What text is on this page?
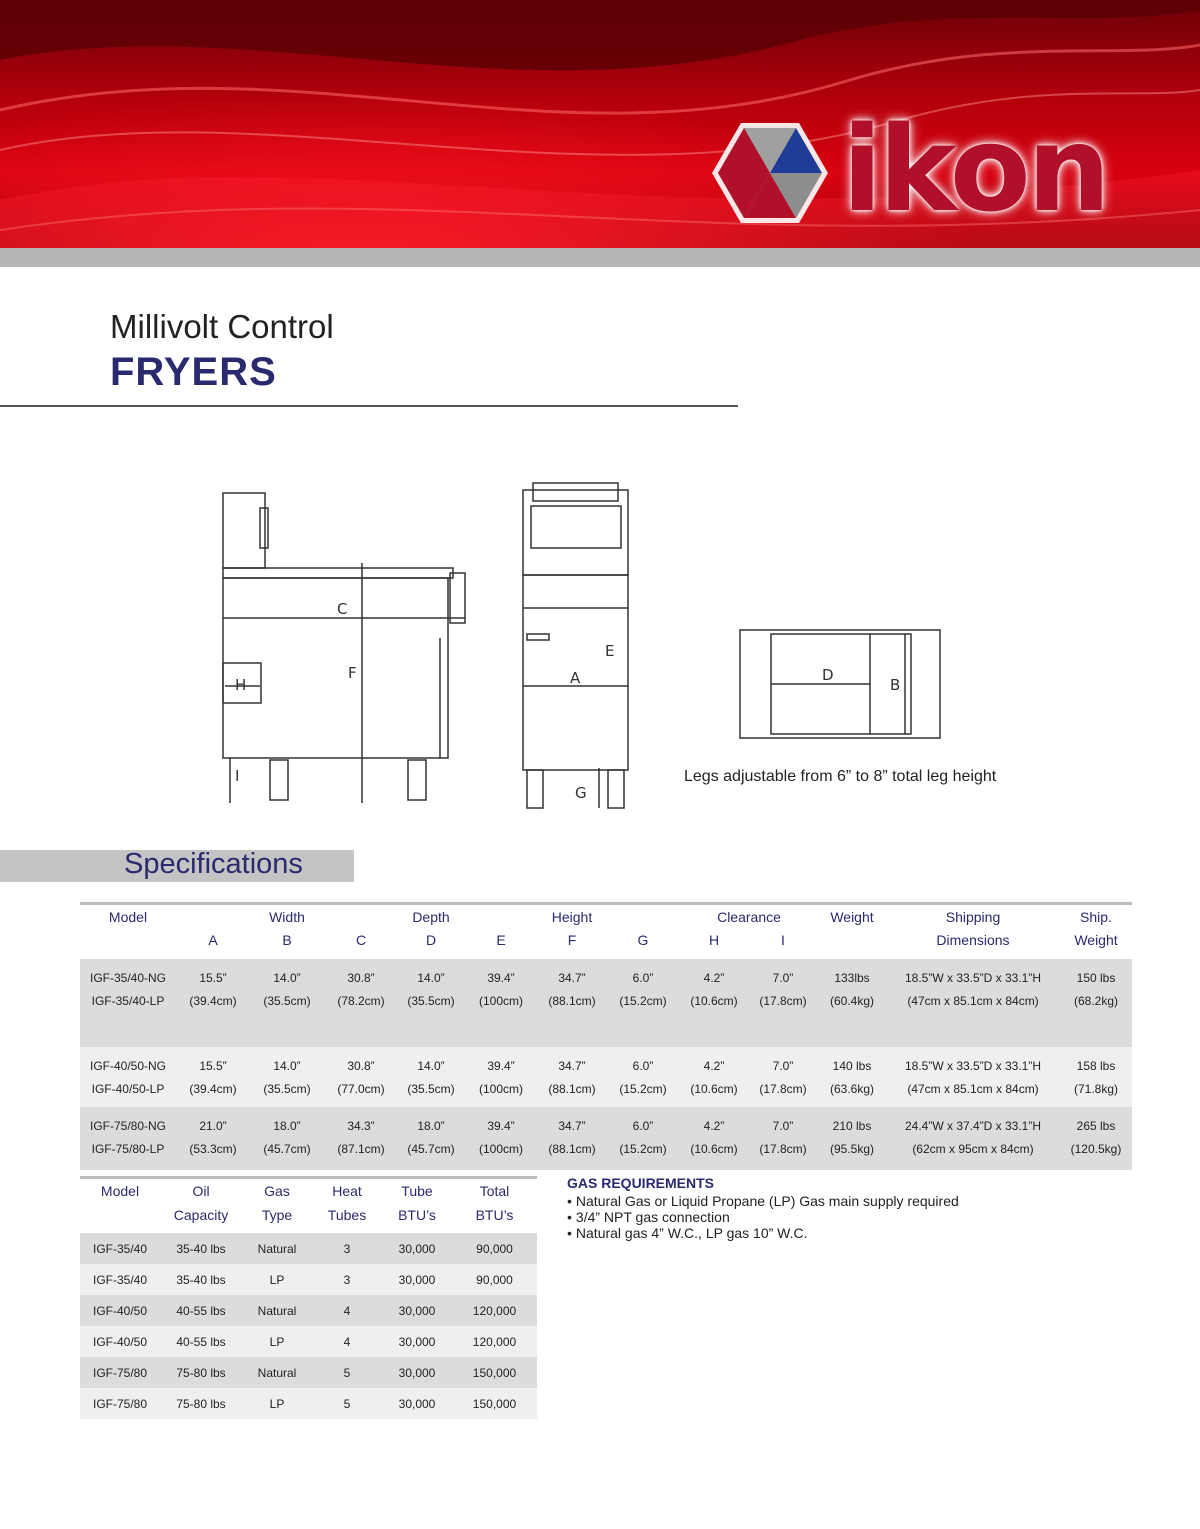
ikon
Millivolt Control
FRYERS
C
F
H
I
E
A
G
D
B
Legs adjustable from 6” to 8” total leg height
Specifications
Model		Width		Depth		Height		Clearance		Weight	Shipping	Ship.
	A	B	C	D	E	F	G	H	I		Dimensions	Weight

IGF-35/40-NG	15.5”	14.0”	30.8”	14.0”	39.4”	34.7”	6.0”	4.2”	7.0”	133lbs	18.5”W x 33.5”D x 33.1”H	150 lbs
IGF-35/40-LP	(39.4cm)	(35.5cm)	(78.2cm)	(35.5cm)	(100cm)	(88.1cm)	(15.2cm)	(10.6cm)	(17.8cm)	(60.4kg)	(47cm x 85.1cm x 84cm)	(68.2kg)

IGF-40/50-NG	15.5”	14.0”	30.8”	14.0”	39.4”	34.7”	6.0”	4.2”	7.0”	140 lbs	18.5”W x 33.5”D x 33.1”H	158 lbs
IGF-40/50-LP	(39.4cm)	(35.5cm)	(77.0cm)	(35.5cm)	(100cm)	(88.1cm)	(15.2cm)	(10.6cm)	(17.8cm)	(63.6kg)	(47cm x 85.1cm x 84cm)	(71.8kg)

IGF-75/80-NG	21.0”	18.0”	34.3”	18.0”	39.4”	34.7”	6.0”	4.2”	7.0”	210 lbs	24.4”W x 37.4”D x 33.1”H	265 lbs
IGF-75/80-LP	(53.3cm)	(45.7cm)	(87.1cm)	(45.7cm)	(100cm)	(88.1cm)	(15.2cm)	(10.6cm)	(17.8cm)	(95.5kg)	(62cm x 95cm x 84cm)	(120.5kg)

Model	Oil	Gas	Heat	Tube	Total
	Capacity	Type	Tubes	BTU’s	BTU’s

IGF-35/40	35-40 lbs	Natural	3	30,000	90,000
IGF-35/40	35-40 lbs	LP	3	30,000	90,000
IGF-40/50	40-55 lbs	Natural	4	30,000	120,000
IGF-40/50	40-55 lbs	LP	4	30,000	120,000
IGF-75/80	75-80 lbs	Natural	5	30,000	150,000
IGF-75/80	75-80 lbs	LP	5	30,000	150,000
GAS REQUIREMENTS
• Natural Gas or Liquid Propane (LP) Gas main supply required
• 3/4” NPT gas connection
• Natural gas 4” W.C., LP gas 10” W.C.
